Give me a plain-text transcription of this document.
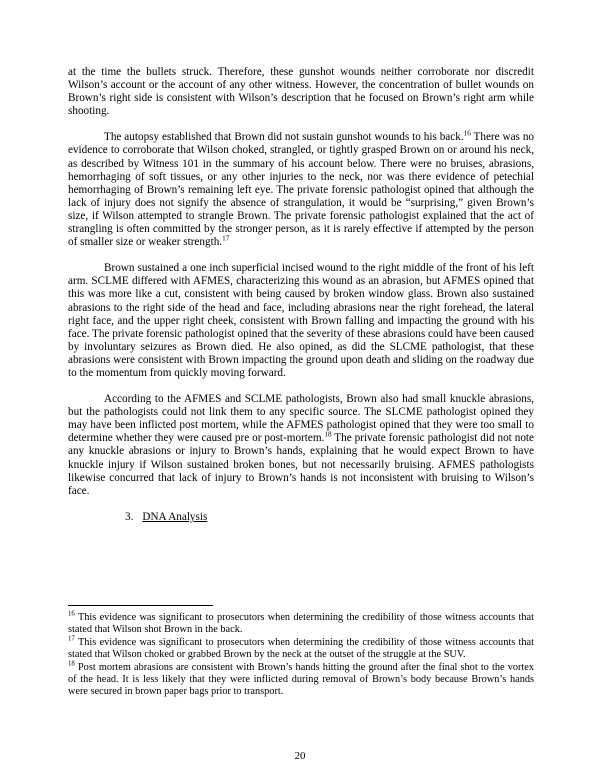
at the time the bullets struck. Therefore, these gunshot wounds neither corroborate nor discredit Wilson’s account or the account of any other witness. However, the concentration of bullet wounds on Brown’s right side is consistent with Wilson’s description that he focused on Brown’s right arm while shooting.

The autopsy established that Brown did not sustain gunshot wounds to his back.$^{16}$ There was no evidence to corroborate that Wilson choked, strangled, or tightly grasped Brown on or around his neck, as described by Witness 101 in the summary of his account below. There were no bruises, abrasions, hemorrhaging of soft tissues, or any other injuries to the neck, nor was there evidence of petechial hemorrhaging of Brown’s remaining left eye. The private forensic pathologist opined that although the lack of injury does not signify the absence of strangulation, it would be “surprising,” given Brown’s size, if Wilson attempted to strangle Brown. The private forensic pathologist explained that the act of strangling is often committed by the stronger person, as it is rarely effective if attempted by the person of smaller size or weaker strength.$^{17}$

Brown sustained a one inch superficial incised wound to the right middle of the front of his left arm. SCLME differed with AFMES, characterizing this wound as an abrasion, but AFMES opined that this was more like a cut, consistent with being caused by broken window glass. Brown also sustained abrasions to the right side of the head and face, including abrasions near the right forehead, the lateral right face, and the upper right cheek, consistent with Brown falling and impacting the ground with his face. The private forensic pathologist opined that the severity of these abrasions could have been caused by involuntary seizures as Brown died. He also opined, as did the SLCME pathologist, that these abrasions were consistent with Brown impacting the ground upon death and sliding on the roadway due to the momentum from quickly moving forward.

According to the AFMES and SCLME pathologists, Brown also had small knuckle abrasions, but the pathologists could not link them to any specific source. The SLCME pathologist opined they may have been inflicted post mortem, while the AFMES pathologist opined that they were too small to determine whether they were caused pre or post-mortem.$^{18}$ The private forensic pathologist did not note any knuckle abrasions or injury to Brown’s hands, explaining that he would expect Brown to have knuckle injury if Wilson sustained broken bones, but not necessarily bruising. AFMES pathologists likewise concurred that lack of injury to Brown’s hands is not inconsistent with bruising to Wilson’s face.

3. DNA Analysis

$^{16}$ This evidence was significant to prosecutors when determining the credibility of those witness accounts that stated that Wilson shot Brown in the back.

$^{17}$ This evidence was significant to prosecutors when determining the credibility of those witness accounts that stated that Wilson choked or grabbed Brown by the neck at the outset of the struggle at the SUV.

$^{18}$ Post mortem abrasions are consistent with Brown’s hands hitting the ground after the final shot to the vortex of the head. It is less likely that they were inflicted during removal of Brown’s body because Brown’s hands were secured in brown paper bags prior to transport.

20
